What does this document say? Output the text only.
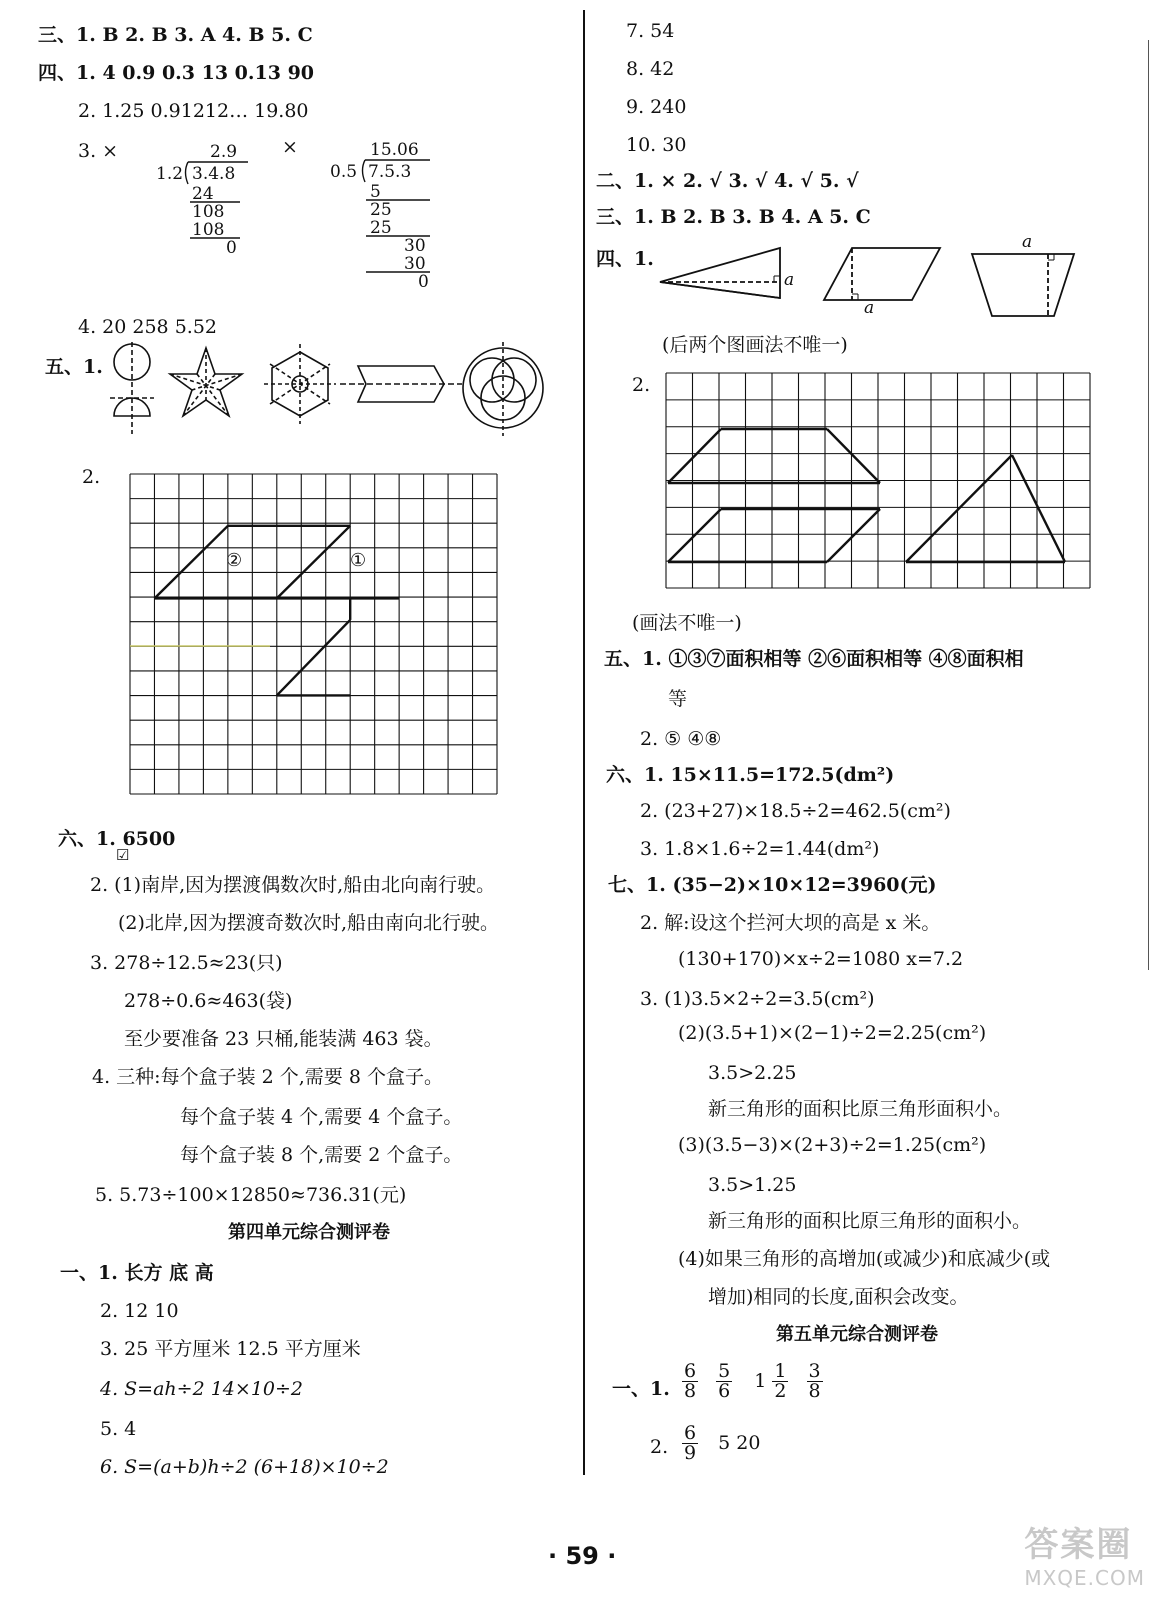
三、1. B 2. B 3. A 4. B 5. C
四、1. 4 0.9 0.3 13 0.13 90
2. 1.25 0.91212… 19.80
3. ×	×
2.9
1.2 3.4.8
24
108
108
0
15.06
0.5 7.5.3
5
25
25
30
30
0
4. 20 258 5.52
五、1.
2.
②	①
六、1. 6500
☑
2. (1)南岸,因为摆渡偶数次时,船由北向南行驶。
(2)北岸,因为摆渡奇数次时,船由南向北行驶。
3. 278÷12.5≈23(只)
278÷0.6≈463(袋)
至少要准备 23 只桶,能装满 463 袋。
4. 三种:每个盒子装 2 个,需要 8 个盒子。
每个盒子装 4 个,需要 4 个盒子。
每个盒子装 8 个,需要 2 个盒子。
5. 5.73÷100×12850≈736.31(元)
第四单元综合测评卷
一、1. 长方 底 高
2. 12 10
3. 25 平方厘米 12.5 平方厘米
4. S=ah÷2 14×10÷2
5. 4
6. S=(a+b)h÷2 (6+18)×10÷2
7. 54
8. 42
9. 240
10. 30
二、1. × 2. √ 3. √ 4. √ 5. √
三、1. B 2. B 3. B 4. A 5. C
四、1.
a
a
a
(后两个图画法不唯一)
2.
(画法不唯一)
五、1. ①③⑦面积相等 ②⑥面积相等 ④⑧面积相
等
2. ⑤ ④⑧
六、1. 15×11.5=172.5(dm²)
2. (23+27)×18.5÷2=462.5(cm²)
3. 1.8×1.6÷2=1.44(dm²)
七、1. (35−2)×10×12=3960(元)
2. 解:设这个拦河大坝的高是 x 米。
(130+170)×x÷2=1080 x=7.2
3. (1)3.5×2÷2=3.5(cm²)
(2)(3.5+1)×(2−1)÷2=2.25(cm²)
3.5>2.25
新三角形的面积比原三角形面积小。
(3)(3.5−3)×(2+3)÷2=1.25(cm²)
3.5>1.25
新三角形的面积比原三角形的面积小。
(4)如果三角形的高增加(或减少)和底减少(或
增加)相同的长度,面积会改变。
第五单元综合测评卷
一、1. $\frac{6}{8}$
$\frac{5}{6} 1 \frac{1}{2}$
$\frac{3}{8}$
2. $\frac{6}{9} 5$ 20
· 59 ·	答案圈
MXQE.COM
